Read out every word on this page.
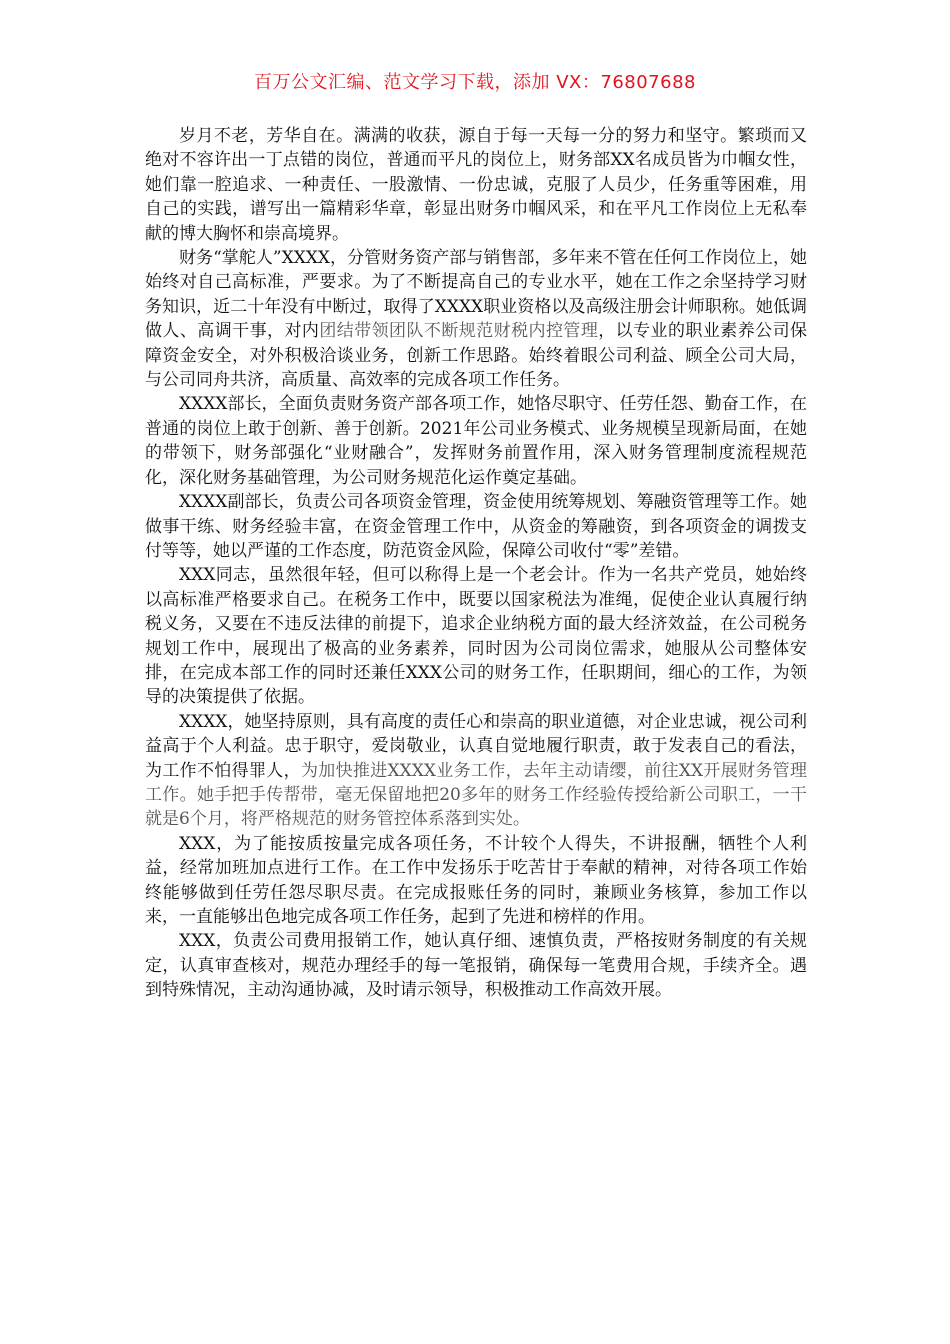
百万公文汇编、范文学习下载，添加 VX：76807688

岁月不老，芳华自在。满满的收获，源自于每一天每一分的努力和坚守。繁琐而又绝对不容许出一丁点错的岗位，普通而平凡的岗位上，财务部XX名成员皆为巾帼女性，她们靠一腔追求、一种责任、一股激情、一份忠诚，克服了人员少，任务重等困难，用自己的实践，谱写出一篇精彩华章，彰显出财务巾帼风采，和在平凡工作岗位上无私奉献的博大胸怀和崇高境界。

财务“掌舵人”XXXX，分管财务资产部与销售部，多年来不管在任何工作岗位上，她始终对自己高标准，严要求。为了不断提高自己的专业水平，她在工作之余坚持学习财务知识，近二十年没有中断过，取得了XXXX职业资格以及高级注册会计师职称。她低调做人、高调干事，对内团结带领团队不断规范财税内控管理，以专业的职业素养公司保障资金安全，对外积极洽谈业务，创新工作思路。始终着眼公司利益、顾全公司大局，与公司同舟共济，高质量、高效率的完成各项工作任务。

XXXX部长，全面负责财务资产部各项工作，她恪尽职守、任劳任怨、勤奋工作，在普通的岗位上敢于创新、善于创新。2021年公司业务模式、业务规模呈现新局面，在她的带领下，财务部强化“业财融合”，发挥财务前置作用，深入财务管理制度流程规范化，深化财务基础管理，为公司财务规范化运作奠定基础。

XXXX副部长，负责公司各项资金管理，资金使用统筹规划、筹融资管理等工作。她做事干练、财务经验丰富，在资金管理工作中，从资金的筹融资，到各项资金的调拨支付等等，她以严谨的工作态度，防范资金风险，保障公司收付“零”差错。

XXX同志，虽然很年轻，但可以称得上是一个老会计。作为一名共产党员，她始终以高标准严格要求自己。在税务工作中，既要以国家税法为准绳，促使企业认真履行纳税义务，又要在不违反法律的前提下，追求企业纳税方面的最大经济效益，在公司税务规划工作中，展现出了极高的业务素养，同时因为公司岗位需求，她服从公司整体安排，在完成本部工作的同时还兼任XXX公司的财务工作，任职期间，细心的工作，为领导的决策提供了依据。

XXXX，她坚持原则，具有高度的责任心和崇高的职业道德，对企业忠诚，视公司利益高于个人利益。忠于职守，爱岗敬业，认真自觉地履行职责，敢于发表自己的看法，为工作不怕得罪人，为加快推进XXXX业务工作，去年主动请缨，前往XX开展财务管理工作。她手把手传帮带，毫无保留地把20多年的财务工作经验传授给新公司职工，一干就是6个月，将严格规范的财务管控体系落到实处。

XXX，为了能按质按量完成各项任务，不计较个人得失，不讲报酬，牺牲个人利益，经常加班加点进行工作。在工作中发扬乐于吃苦甘于奉献的精神，对待各项工作始终能够做到任劳任怨尽职尽责。在完成报账任务的同时，兼顾业务核算，参加工作以来，一直能够出色地完成各项工作任务，起到了先进和榜样的作用。

XXX，负责公司费用报销工作，她认真仔细、速慎负责，严格按财务制度的有关规定，认真审查核对，规范办理经手的每一笔报销，确保每一笔费用合规，手续齐全。遇到特殊情况，主动沟通协减，及时请示领导，积极推动工作高效开展。
